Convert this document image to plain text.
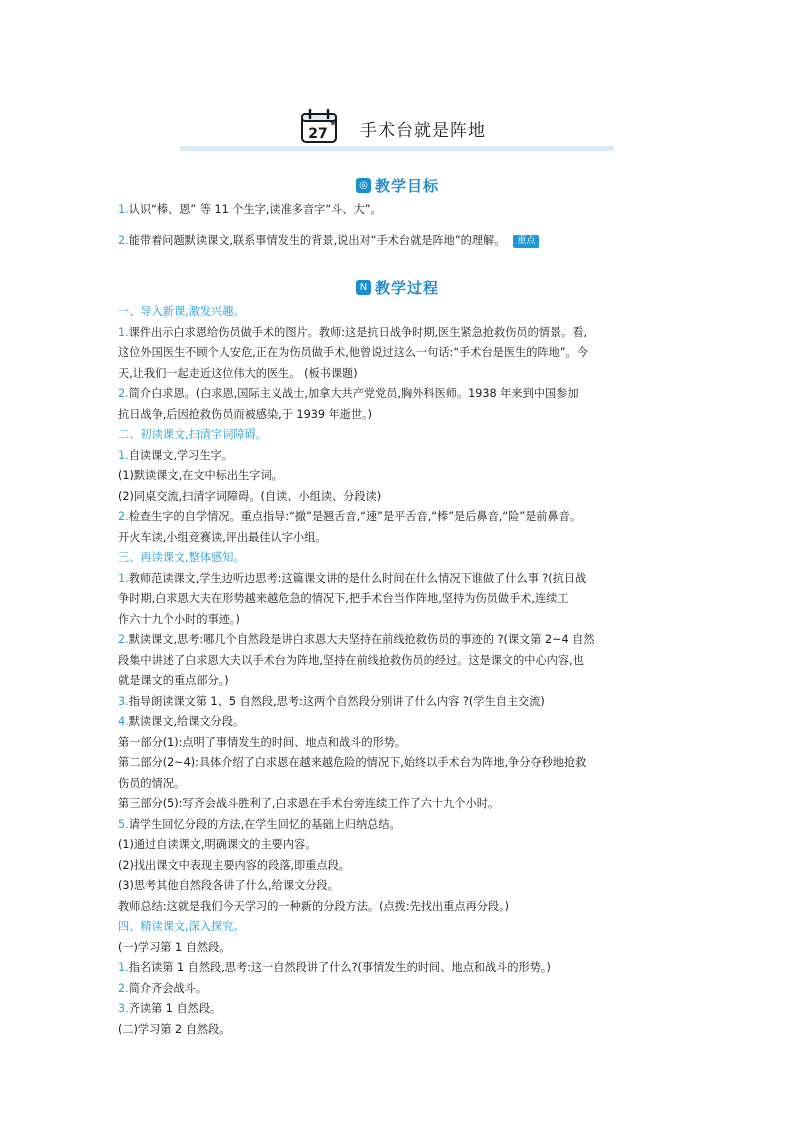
27
* 手术台就是阵地
◎ 教学目标
1.认识“棒、恩” 等 11 个生字,读准多音字“斗、大”。
2.能带着问题默读课文,联系事情发生的背景,说出对“手术台就是阵地”的理解。 重点
N 教学过程
一、导入新课,激发兴趣。
1.课件出示白求恩给伤员做手术的图片。教师:这是抗日战争时期,医生紧急抢救伤员的情景。看,
这位外国医生不顾个人安危,正在为伤员做手术,他曾说过这么一句话:“手术台是医生的阵地”。今
天,让我们一起走近这位伟大的医生。 (板书课题)
2.简介白求恩。(白求恩,国际主义战士,加拿大共产党党员,胸外科医师。1938 年来到中国参加
抗日战争,后因抢救伤员而被感染,于 1939 年逝世。)
二、初读课文,扫清字词障碍。
1.自读课文,学习生字。
(1)默读课文,在文中标出生字词。
(2)同桌交流,扫清字词障碍。(自读、小组读、分段读)
2.检查生字的自学情况。重点指导:“撤”是翘舌音,“速”是平舌音,“棒”是后鼻音,“险”是前鼻音。
开火车读,小组竞赛读,评出最佳认字小组。
三、再读课文,整体感知。
1.教师范读课文,学生边听边思考:这篇课文讲的是什么时间在什么情况下谁做了什么事 ?(抗日战
争时期,白求恩大夫在形势越来越危急的情况下,把手术台当作阵地,坚持为伤员做手术,连续工
作六十九个小时的事迹。)
2.默读课文,思考:哪几个自然段是讲白求恩大夫坚持在前线抢救伤员的事迹的 ?(课文第 2~4 自然
段集中讲述了白求恩大夫以手术台为阵地,坚持在前线抢救伤员的经过。这是课文的中心内容,也
就是课文的重点部分。)
3.指导朗读课文第 1、5 自然段,思考:这两个自然段分别讲了什么内容 ?(学生自主交流)
4.默读课文,给课文分段。
第一部分(1):点明了事情发生的时间、地点和战斗的形势。
第二部分(2~4):具体介绍了白求恩在越来越危险的情况下,始终以手术台为阵地,争分夺秒地抢救
伤员的情况。
第三部分(5):写齐会战斗胜利了,白求恩在手术台旁连续工作了六十九个小时。
5.请学生回忆分段的方法,在学生回忆的基础上归纳总结。
(1)通过自读课文,明确课文的主要内容。
(2)找出课文中表现主要内容的段落,即重点段。
(3)思考其他自然段各讲了什么,给课文分段。
教师总结:这就是我们今天学习的一种新的分段方法。(点拨:先找出重点再分段。)
四、精读课文,深入探究。
(一)学习第 1 自然段。
1.指名读第 1 自然段,思考:这一自然段讲了什么?(事情发生的时间、地点和战斗的形势。)
2.简介齐会战斗。
3.齐读第 1 自然段。
(二)学习第 2 自然段。
